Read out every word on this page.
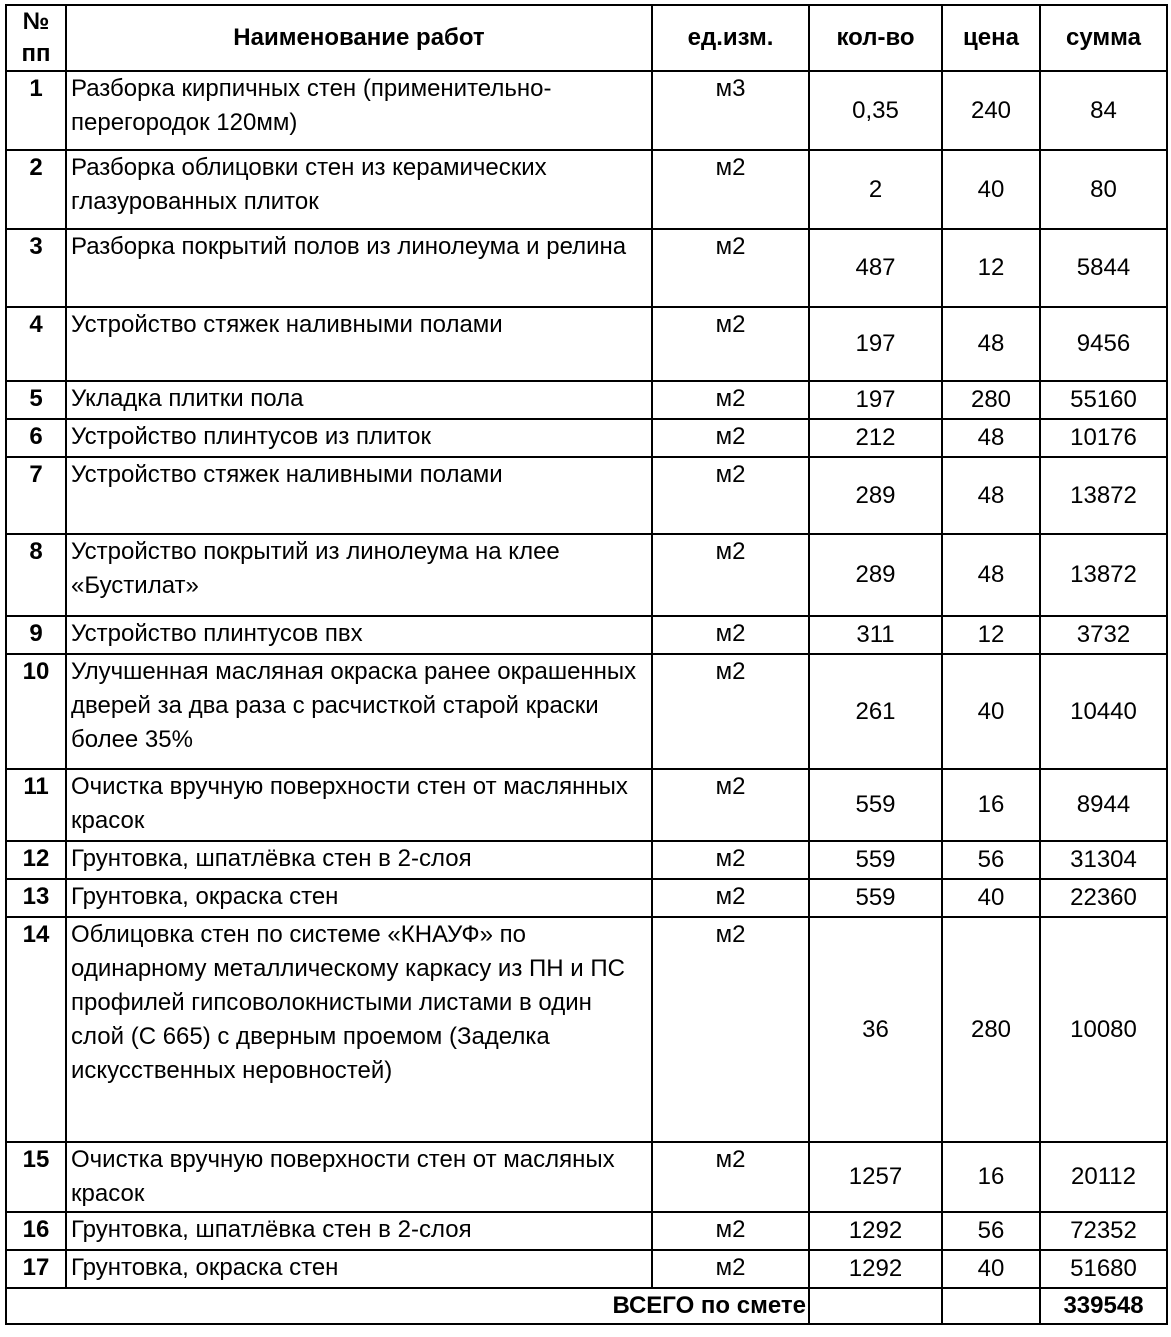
№ пп	Наименование работ	ед.изм.	кол-во	цена	сумма
1	Разборка кирпичных стен (применительно-перегородок 120мм)	м3	0,35	240	84
2	Разборка облицовки стен из керамических глазурованных плиток	м2	2	40	80
3	Разборка покрытий полов из линолеума и релина	м2	487	12	5844
4	Устройство стяжек наливными полами	м2	197	48	9456
5	Укладка плитки пола	м2	197	280	55160
6	Устройство плинтусов из плиток	м2	212	48	10176
7	Устройство стяжек наливными полами	м2	289	48	13872
8	Устройство покрытий из линолеума на клее «Бустилат»	м2	289	48	13872
9	Устройство плинтусов пвх	м2	311	12	3732
10	Улучшенная масляная окраска ранее окрашенных дверей за два раза с расчисткой старой краски более 35%	м2	261	40	10440
11	Очистка вручную поверхности стен от маслянных красок	м2	559	16	8944
12	Грунтовка, шпатлёвка стен в 2-слоя	м2	559	56	31304
13	Грунтовка, окраска стен	м2	559	40	22360
14	Облицовка стен по системе «КНАУФ» по одинарному металлическому каркасу из ПН и ПС профилей гипсоволокнистыми листами в один слой (С 665) с дверным проемом (Заделка искусственных неровностей)	м2	36	280	10080
15	Очистка вручную поверхности стен от масляных красок	м2	1257	16	20112
16	Грунтовка, шпатлёвка стен в 2-слоя	м2	1292	56	72352
17	Грунтовка, окраска стен	м2	1292	40	51680
ВСЕГО по смете					339548
